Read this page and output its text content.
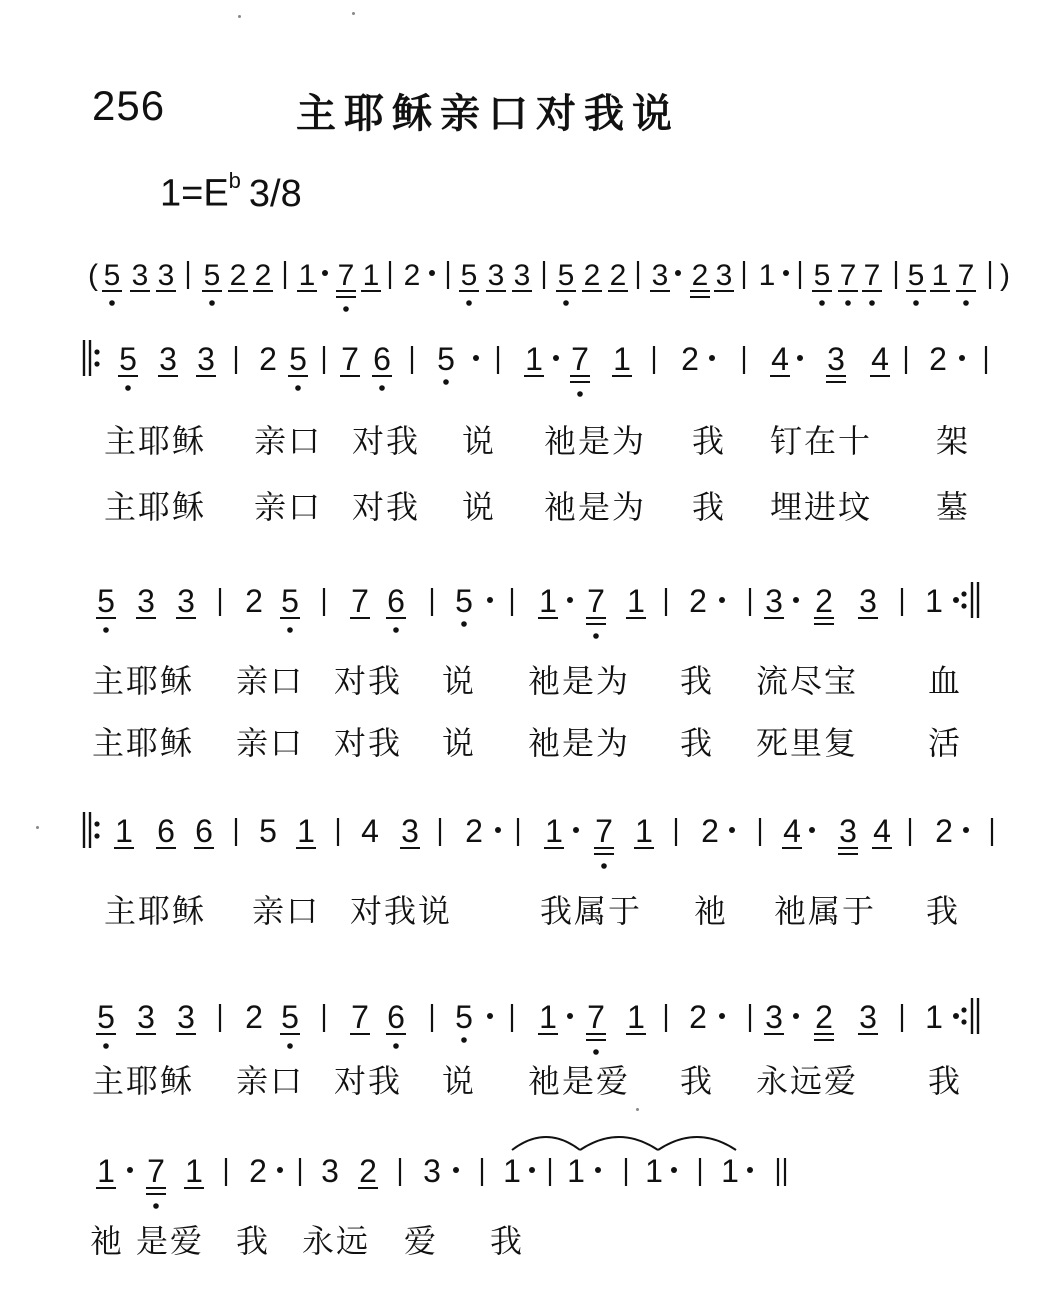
256	主耶稣亲口对我说
$1=E^b$ 3/8
(	)
5 3 3 5 2 2 1 7 1 2 5 3 3 5 2 2 3 2 3 1 5 7 7 5 1 7
5 3 3 2 5 7 6 5 1 7 1 2 4 3 4 2
5 3 3 2 5 7 6 5 1 7 1 2 3 2 3 1
1 6 6 5 1 4 3 2 1 7 1 2 4 3 4 2
5 3 3 2 5 7 6 5 1 7 1 2 3 2 3 1
1 7 1 2 3 2 3 1 1 1 1
主耶稣 亲口 对我 说 祂是为 我 钉在十 架
主耶稣 亲口 对我 说 祂是为 我 埋进坟 墓
主耶稣 亲口 对我 说 祂是为 我 流尽宝 血
主耶稣 亲口 对我 说 祂是为 我 死里复 活
主耶稣 亲口 对我说	我属于 祂 祂属于 我
主耶稣 亲口 对我 说 祂是爱 我 永远爱 我
祂 是爱 我 永远 爱 我
